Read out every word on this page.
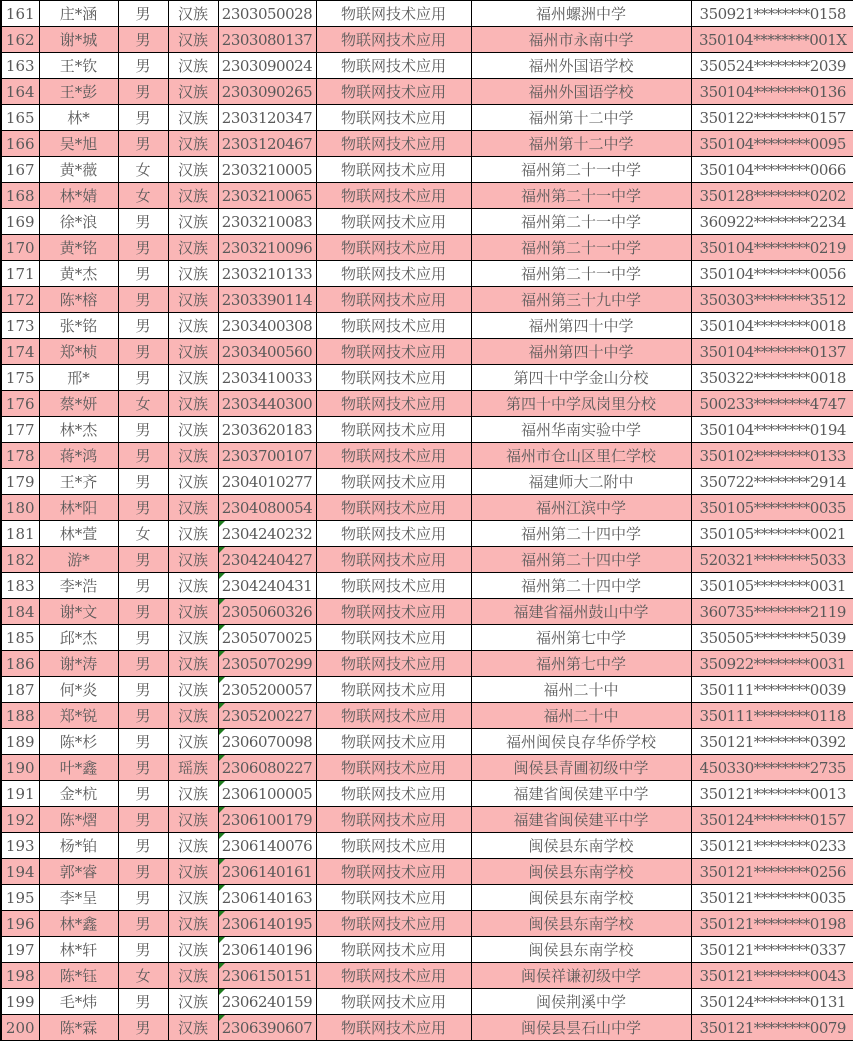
161	庄*涵	男	汉族	2303050028	物联网技术应用	福州螺洲中学	350921********0158
162	谢*城	男	汉族	2303080137	物联网技术应用	福州市永南中学	350104********001X
163	王*钦	男	汉族	2303090024	物联网技术应用	福州外国语学校	350524********2039
164	王*彭	男	汉族	2303090265	物联网技术应用	福州外国语学校	350104********0136
165	林*	男	汉族	2303120347	物联网技术应用	福州第十二中学	350122********0157
166	吴*旭	男	汉族	2303120467	物联网技术应用	福州第十二中学	350104********0095
167	黄*薇	女	汉族	2303210005	物联网技术应用	福州第二十一中学	350104********0066
168	林*婧	女	汉族	2303210065	物联网技术应用	福州第二十一中学	350128********0202
169	徐*浪	男	汉族	2303210083	物联网技术应用	福州第二十一中学	360922********2234
170	黄*铭	男	汉族	2303210096	物联网技术应用	福州第二十一中学	350104********0219
171	黄*杰	男	汉族	2303210133	物联网技术应用	福州第二十一中学	350104********0056
172	陈*榕	男	汉族	2303390114	物联网技术应用	福州第三十九中学	350303********3512
173	张*铭	男	汉族	2303400308	物联网技术应用	福州第四十中学	350104********0018
174	郑*桢	男	汉族	2303400560	物联网技术应用	福州第四十中学	350104********0137
175	邢*	男	汉族	2303410033	物联网技术应用	第四十中学金山分校	350322********0018
176	蔡*妍	女	汉族	2303440300	物联网技术应用	第四十中学凤岗里分校	500233********4747
177	林*杰	男	汉族	2303620183	物联网技术应用	福州华南实验中学	350104********0194
178	蒋*鸿	男	汉族	2303700107	物联网技术应用	福州市仓山区里仁学校	350102********0133
179	王*齐	男	汉族	2304010277	物联网技术应用	福建师大二附中	350722********2914
180	林*阳	男	汉族	2304080054	物联网技术应用	福州江滨中学	350105********0035
181	林*萱	女	汉族	2304240232	物联网技术应用	福州第二十四中学	350105********0021
182	游*	男	汉族	2304240427	物联网技术应用	福州第二十四中学	520321********5033
183	李*浩	男	汉族	2304240431	物联网技术应用	福州第二十四中学	350105********0031
184	谢*文	男	汉族	2305060326	物联网技术应用	福建省福州鼓山中学	360735********2119
185	邱*杰	男	汉族	2305070025	物联网技术应用	福州第七中学	350505********5039
186	谢*涛	男	汉族	2305070299	物联网技术应用	福州第七中学	350922********0031
187	何*炎	男	汉族	2305200057	物联网技术应用	福州二十中	350111********0039
188	郑*锐	男	汉族	2305200227	物联网技术应用	福州二十中	350111********0118
189	陈*杉	男	汉族	2306070098	物联网技术应用	福州闽侯良存华侨学校	350121********0392
190	叶*鑫	男	瑶族	2306080227	物联网技术应用	闽侯县青圃初级中学	450330********2735
191	金*杭	男	汉族	2306100005	物联网技术应用	福建省闽侯建平中学	350121********0013
192	陈*熠	男	汉族	2306100179	物联网技术应用	福建省闽侯建平中学	350124********0157
193	杨*铂	男	汉族	2306140076	物联网技术应用	闽侯县东南学校	350121********0233
194	郭*睿	男	汉族	2306140161	物联网技术应用	闽侯县东南学校	350121********0256
195	李*呈	男	汉族	2306140163	物联网技术应用	闽侯县东南学校	350121********0035
196	林*鑫	男	汉族	2306140195	物联网技术应用	闽侯县东南学校	350121********0198
197	林*轩	男	汉族	2306140196	物联网技术应用	闽侯县东南学校	350121********0337
198	陈*钰	女	汉族	2306150151	物联网技术应用	闽侯祥谦初级中学	350121********0043
199	毛*炜	男	汉族	2306240159	物联网技术应用	闽侯荆溪中学	350124********0131
200	陈*霖	男	汉族	2306390607	物联网技术应用	闽侯县昙石山中学	350121********0079
